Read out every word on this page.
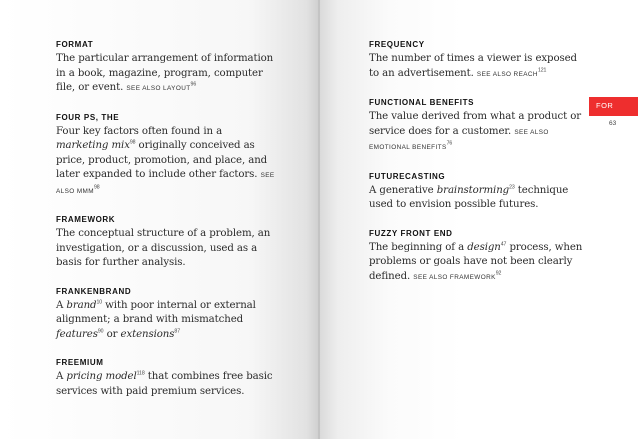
FORMAT
The particular arrangement of information in a book, magazine, program, computer file, or event. SEE ALSO LAYOUT$^{96}$
FOUR PS, THE
Four key factors often found in a marketing mix$^{98}$ originally conceived as price, product, promotion, and place, and later expanded to include other factors. SEE ALSO MMM$^{98}$
FRAMEWORK
The conceptual structure of a problem, an investigation, or a discussion, used as a basis for further analysis.
FRANKENBRAND
A brand$^{10}$ with poor internal or external alignment; a brand with mismatched features$^{90}$ or extensions$^{87}$
FREEMIUM
A pricing model$^{118}$ that combines free basic services with paid premium services.
FREQUENCY
The number of times a viewer is exposed to an advertisement. SEE ALSO REACH$^{121}$
FUNCTIONAL BENEFITS
The value derived from what a product or service does for a customer. SEE ALSO EMOTIONAL BENEFITS$^{76}$
FUTURECASTING
A generative brainstorming$^{23}$ technique used to envision possible futures.
FUZZY FRONT END
The beginning of a design$^{47}$ process, when problems or goals have not been clearly defined. SEE ALSO FRAMEWORK$^{92}$
FOR
63
